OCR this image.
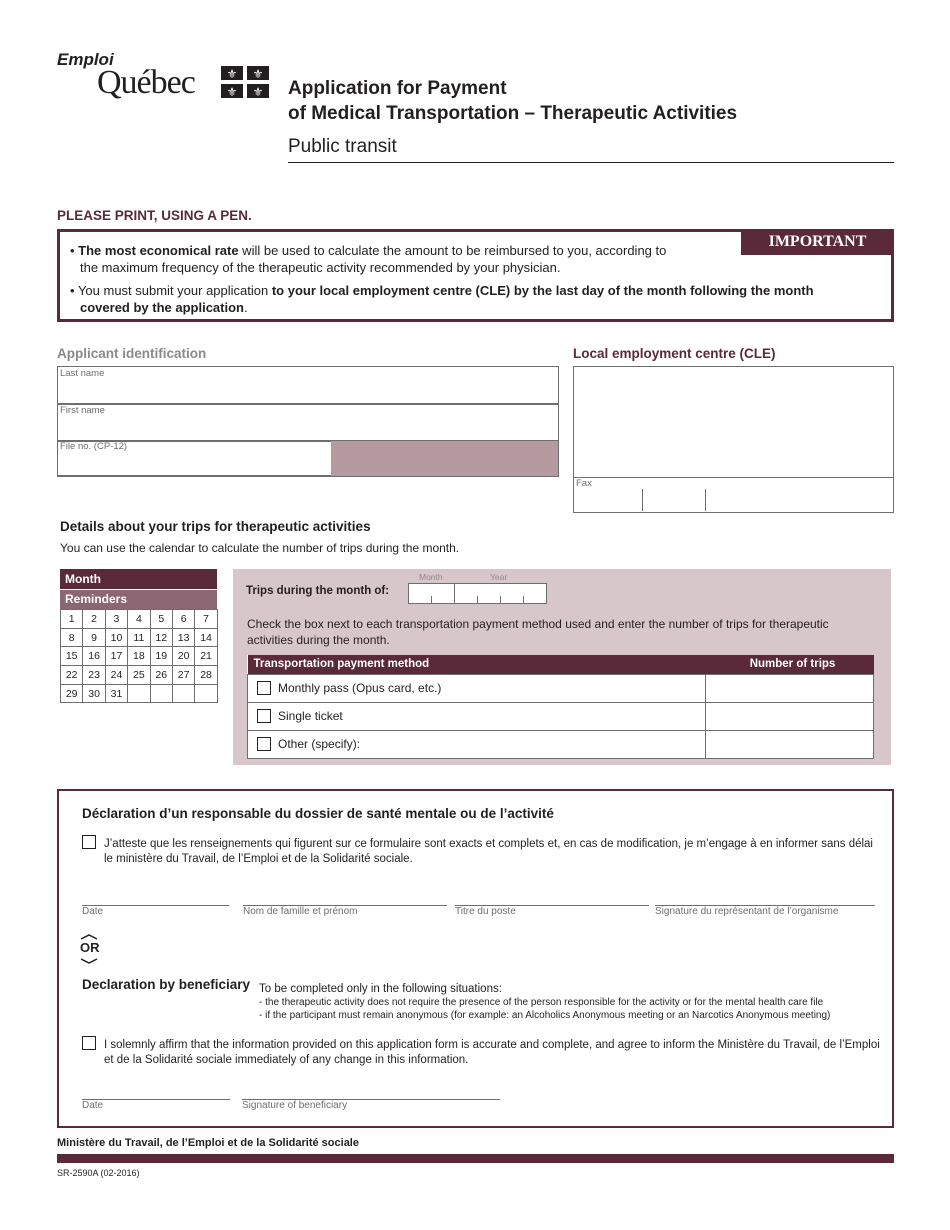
Emploi
Québec	⚜ ⚜
⚜ ⚜ Application for Payment
of Medical Transportation – Therapeutic Activities
Public transit
PLEASE PRINT, USING A PEN.
IMPORTANT
• The most economical rate will be used to calculate the amount to be reimbursed to you, according to
the maximum frequency of the therapeutic activity recommended by your physician.
• You must submit your application to your local employment centre (CLE) by the last day of the month following the month
covered by the application.
Applicant identification
Last name
First name
File no. (CP-12)
Local employment centre (CLE)
Fax
Details about your trips for therapeutic activities
You can use the calendar to calculate the number of trips during the month.
Month
Reminders
1	2	3	4	5	6	7
8	9	10	11	12	13	14
15	16	17	18	19	20	21
22	23	24	25	26	27	28
29	30	31				
Trips during the month of:
Month	Year
Check the box next to each transportation payment method used and enter the number of trips for therapeutic
activities during the month.
Transportation payment method	Number of trips
Monthly pass (Opus card, etc.)	
Single ticket	
Other (specify):	
Déclaration d’un responsable du dossier de santé mentale ou de l’activité
J’atteste que les renseignements qui figurent sur ce formulaire sont exacts et complets et, en cas de modification, je m’engage à en informer sans délai
le ministère du Travail, de l’Emploi et de la Solidarité sociale.
Date	Nom de famille et prénom	Titre du poste	Signature du représentant de l’organisme
OR
Declaration by beneficiary To be completed only in the following situations:
- the therapeutic activity does not require the presence of the person responsible for the activity or for the mental health care file
- if the participant must remain anonymous (for example: an Alcoholics Anonymous meeting or an Narcotics Anonymous meeting)
I solemnly affirm that the information provided on this application form is accurate and complete, and agree to inform the Ministère du Travail, de l’Emploi
et de la Solidarité sociale immediately of any change in this information.
Date	Signature of beneficiary
Ministère du Travail, de l’Emploi et de la Solidarité sociale
SR-2590A (02-2016)
